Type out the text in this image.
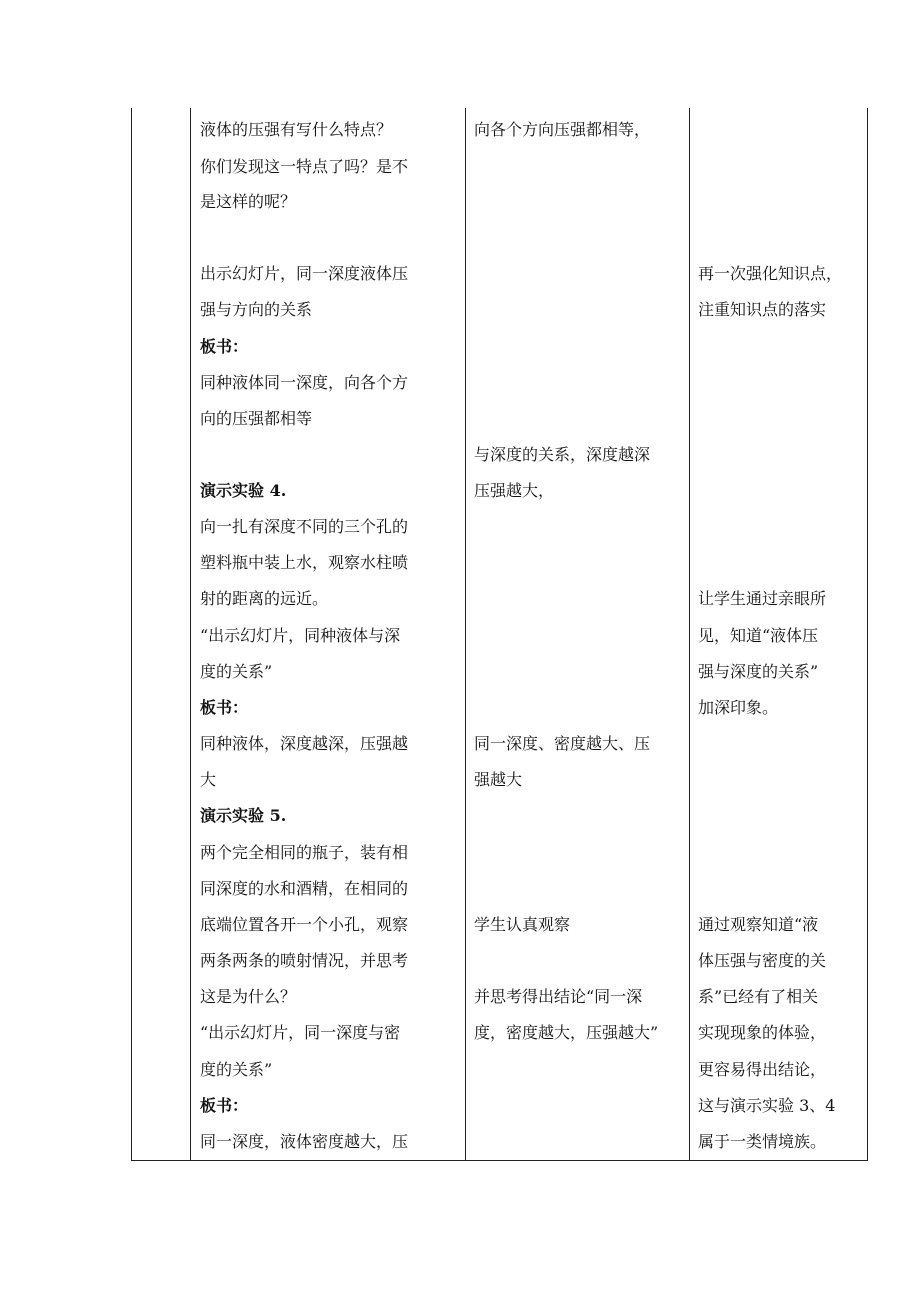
液体的压强有写什么特点？
你们发现这一特点了吗？是不
是这样的呢？
出示幻灯片，同一深度液体压
强与方向的关系
板书：
同种液体同一深度，向各个方
向的压强都相等
演示实验 4.
向一扎有深度不同的三个孔的
塑料瓶中装上水，观察水柱喷
射的距离的远近。
“出示幻灯片，同种液体与深
度的关系”
板书：
同种液体，深度越深，压强越
大
演示实验 5.
两个完全相同的瓶子，装有相
同深度的水和酒精，在相同的
底端位置各开一个小孔，观察
两条两条的喷射情况，并思考
这是为什么？
“出示幻灯片，同一深度与密
度的关系”
板书：
同一深度，液体密度越大，压
向各个方向压强都相等，
与深度的关系，深度越深
压强越大，
同一深度、密度越大、压
强越大
学生认真观察
并思考得出结论“同一深
度，密度越大，压强越大”
再一次强化知识点，
注重知识点的落实
让学生通过亲眼所
见，知道“液体压
强与深度的关系”
加深印象。
通过观察知道“液
体压强与密度的关
系”已经有了相关
实现现象的体验，
更容易得出结论，
这与演示实验 3、4
属于一类情境族。
